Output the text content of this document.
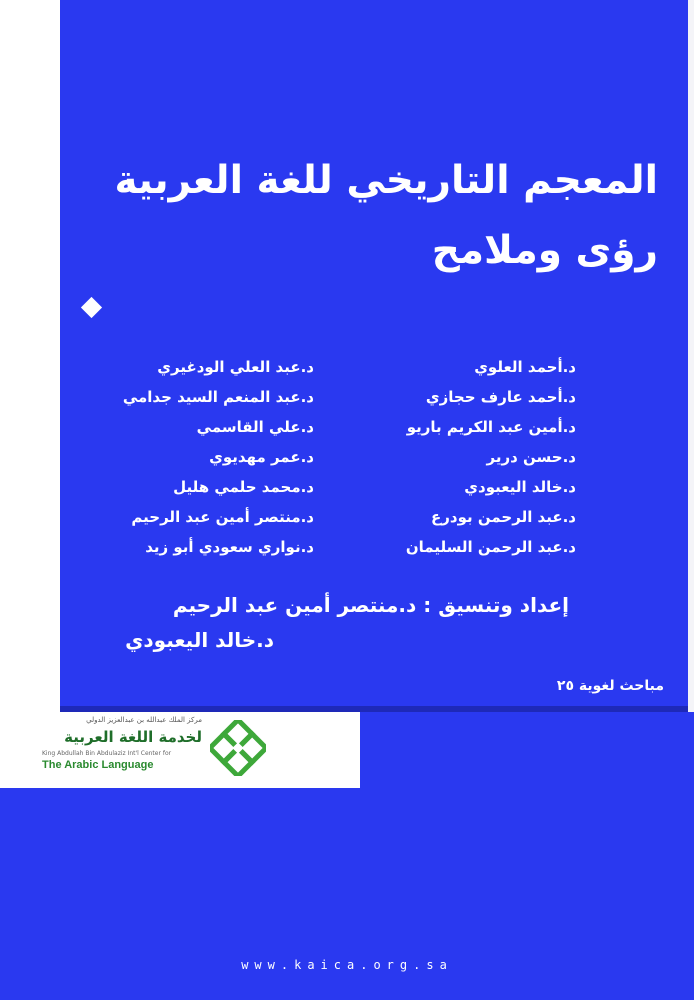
المعجم التاريخي للغة العربية
رؤى وملامح
د.أحمد العلوي
د.أحمد عارف حجازي
د.أمين عبد الكريم باريو
د.حسن درير
د.خالد اليعبودي
د.عبد الرحمن بودرع
د.عبد الرحمن السليمان
د.عبد العلي الودغيري
د.عبد المنعم السيد جدامي
د.علي القاسمي
د.عمر مهديوي
د.محمد حلمي هليل
د.منتصر أمين عبد الرحيم
د.نواري سعودي أبو زيد
إعداد وتنسيق : د.منتصر أمين عبد الرحيم
د.خالد اليعبودي
مباحث لغوية ٢٥
مركز الملك عبدالله بن عبدالعزيز الدولي
لخدمة اللغة العربية
King Abdullah Bin Abdulaziz Int'l Center for
The Arabic Language
www.kaica.org.sa
